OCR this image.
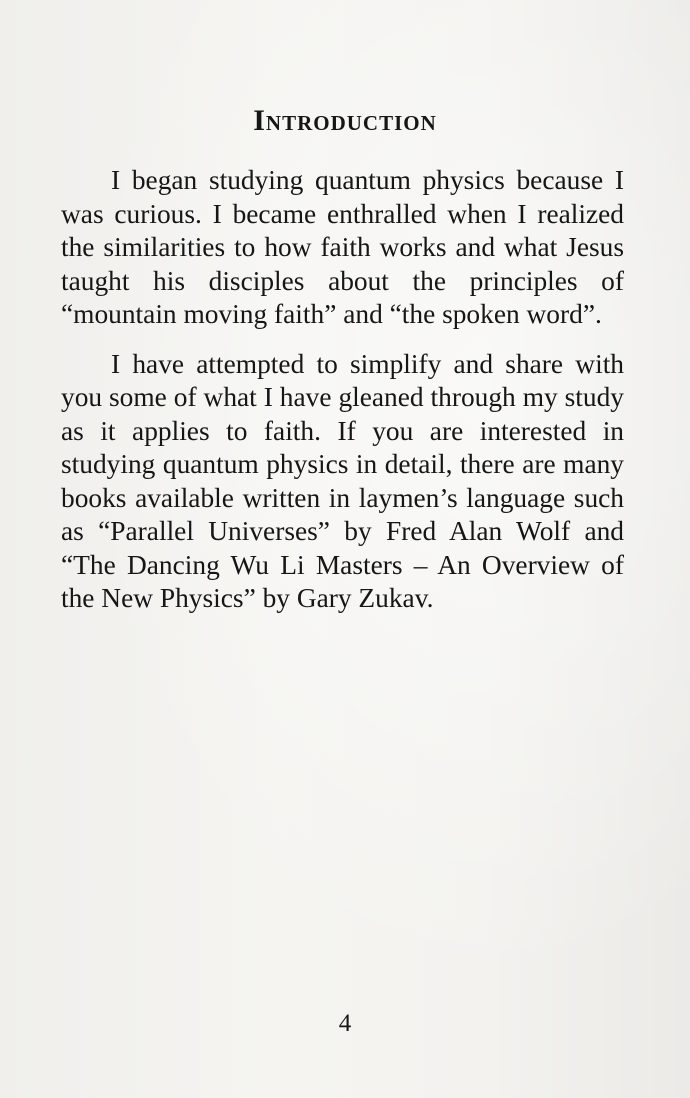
Introduction

I began studying quantum physics because I was curious. I became enthralled when I realized the similarities to how faith works and what Jesus taught his disciples about the principles of “mountain moving faith” and “the spoken word”.

I have attempted to simplify and share with you some of what I have gleaned through my study as it applies to faith. If you are interested in studying quantum physics in detail, there are many books available written in laymen’s language such as “Parallel Universes” by Fred Alan Wolf and “The Dancing Wu Li Masters – An Overview of the New Physics” by Gary Zukav.

4
